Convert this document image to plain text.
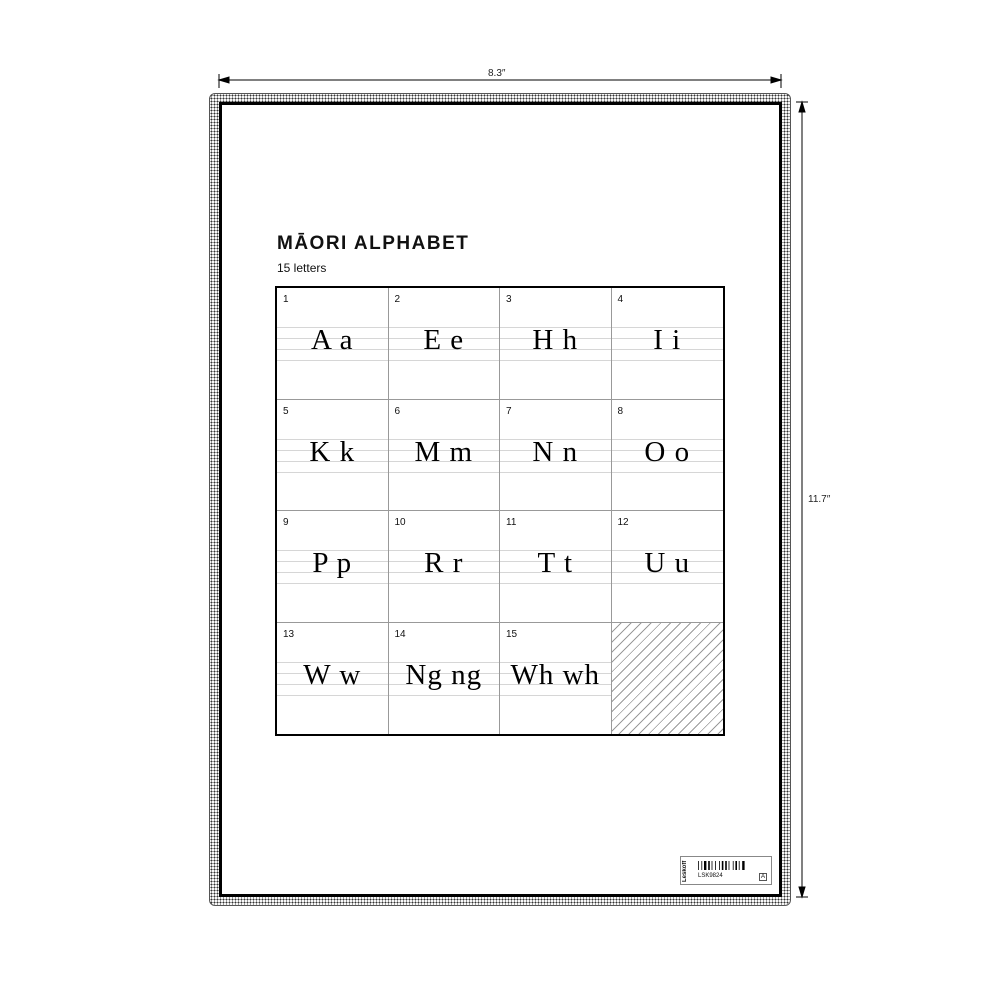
8.3″
11.7″
MĀORI ALPHABET
15 letters
1
A a
2
E e
3
H h
4
I i
5
K k
6
M m
7
N n
8
O o
9
P p
10
R r
11
T t
12
U u
13
W w
14
Ng ng
15
Wh wh
Leskoff	LSK9824	A
